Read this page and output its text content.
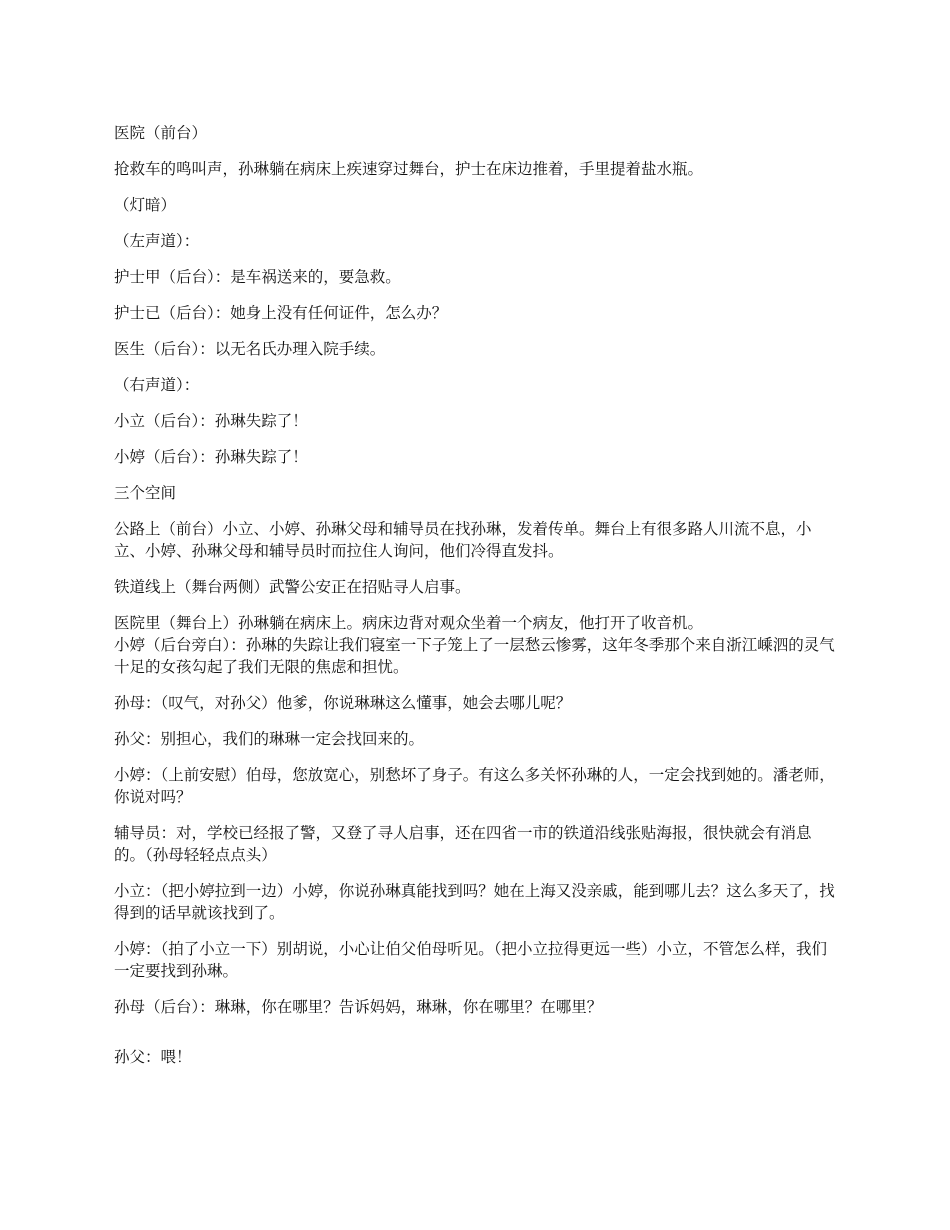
医院（前台）

抢救车的鸣叫声，孙琳躺在病床上疾速穿过舞台，护士在床边推着，手里提着盐水瓶。

（灯暗）

（左声道）：

护士甲（后台）：是车祸送来的，要急救。

护士已（后台）：她身上没有任何证件，怎么办？

医生（后台）：以无名氏办理入院手续。

（右声道）：

小立（后台）：孙琳失踪了！

小婷（后台）：孙琳失踪了！

三个空间

公路上（前台）小立、小婷、孙琳父母和辅导员在找孙琳，发着传单。舞台上有很多路人川流不息，小立、小婷、孙琳父母和辅导员时而拉住人询问，他们冷得直发抖。

铁道线上（舞台两侧）武警公安正在招贴寻人启事。

医院里（舞台上）孙琳躺在病床上。病床边背对观众坐着一个病友，他打开了收音机。

小婷（后台旁白）：孙琳的失踪让我们寝室一下子笼上了一层愁云惨雾，这年冬季那个来自浙江嵊泗的灵气十足的女孩勾起了我们无限的焦虑和担忧。

孙母：（叹气，对孙父）他爹，你说琳琳这么懂事，她会去哪儿呢？

孙父：别担心，我们的琳琳一定会找回来的。

小婷：（上前安慰）伯母，您放宽心，别愁坏了身子。有这么多关怀孙琳的人，一定会找到她的。潘老师，你说对吗？

辅导员：对，学校已经报了警，又登了寻人启事，还在四省一市的铁道沿线张贴海报，很快就会有消息的。（孙母轻轻点点头）

小立：（把小婷拉到一边）小婷，你说孙琳真能找到吗？她在上海又没亲戚，能到哪儿去？这么多天了，找得到的话早就该找到了。

小婷：（拍了小立一下）别胡说，小心让伯父伯母听见。（把小立拉得更远一些）小立，不管怎么样，我们一定要找到孙琳。

孙母（后台）：琳琳，你在哪里？告诉妈妈，琳琳，你在哪里？在哪里？

孙父：喂！
